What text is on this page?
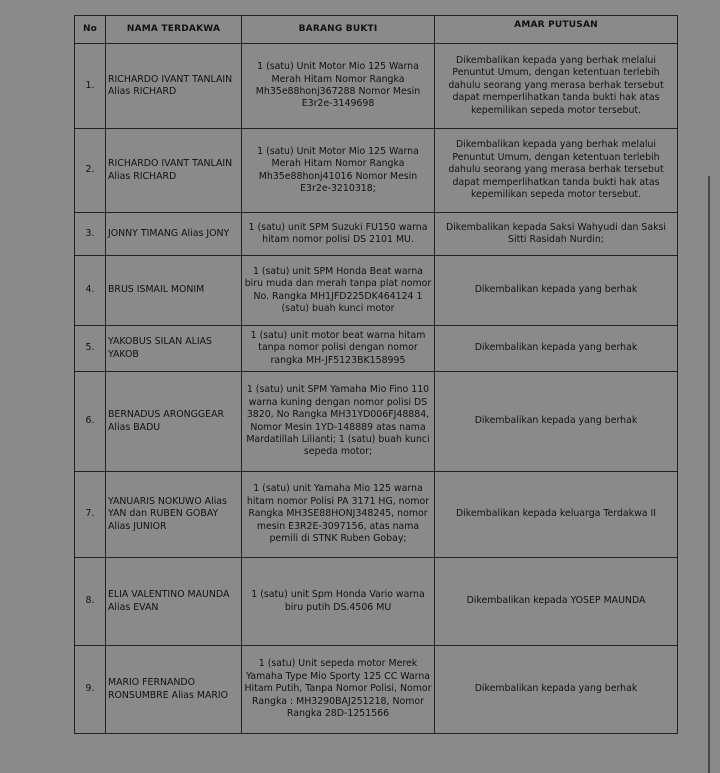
No	NAMA TERDAKWA	BARANG BUKTI	AMAR PUTUSAN
1.	RICHARDO IVANT TANLAIN Alias RICHARD	1 (satu) Unit Motor Mio 125 Warna Merah Hitam Nomor Rangka Mh35e88honj367288 Nomor Mesin E3r2e-3149698	Dikembalikan kepada yang berhak melalui Penuntut Umum, dengan ketentuan terlebih dahulu seorang yang merasa berhak tersebut dapat memperlihatkan tanda bukti hak atas kepemilikan sepeda motor tersebut.
2.	RICHARDO IVANT TANLAIN Alias RICHARD	1 (satu) Unit Motor Mio 125 Warna Merah Hitam Nomor Rangka Mh35e88honj41016 Nomor Mesin E3r2e-3210318;	Dikembalikan kepada yang berhak melalui Penuntut Umum, dengan ketentuan terlebih dahulu seorang yang merasa berhak tersebut dapat memperlihatkan tanda bukti hak atas kepemilikan sepeda motor tersebut.
3.	JONNY TIMANG Alias JONY	1 (satu) unit SPM Suzuki FU150 warna hitam nomor polisi DS 2101 MU.	Dikembalikan kepada Saksi Wahyudi dan Saksi Sitti Rasidah Nurdin;
4.	BRUS ISMAIL MONIM	1 (satu) unit SPM Honda Beat warna biru muda dan merah tanpa plat nomor No. Rangka MH1JFD225DK464124 1 (satu) buah kunci motor	Dikembalikan kepada yang berhak
5.	YAKOBUS SILAN ALIAS YAKOB	1 (satu) unit motor beat warna hitam tanpa nomor polisi dengan nomor rangka MH-JF5123BK158995	Dikembalikan kepada yang berhak
6.	BERNADUS ARONGGEAR Alias BADU	1 (satu) unit SPM Yamaha Mio Fino 110 warna kuning dengan nomor polisi DS 3820, No Rangka MH31YD006FJ48884, Nomor Mesin 1YD-148889 atas nama Mardatillah Lilianti; 1 (satu) buah kunci sepeda motor;	Dikembalikan kepada yang berhak
7.	YANUARIS NOKUWO Alias YAN dan RUBEN GOBAY Alias JUNIOR	1 (satu) unit Yamaha Mio 125 warna hitam nomor Polisi PA 3171 HG, nomor Rangka MH3SE88HONJ348245, nomor mesin E3R2E-3097156, atas nama pemili di STNK Ruben Gobay;	Dikembalikan kepada keluarga Terdakwa II
8.	ELIA VALENTINO MAUNDA Alias EVAN	1 (satu) unit Spm Honda Vario warna biru putih DS.4506 MU	Dikembalikan kepada YOSEP MAUNDA
9.	MARIO FERNANDO RONSUMBRE Alias MARIO	1 (satu) Unit sepeda motor Merek Yamaha Type Mio Sporty 125 CC Warna Hitam Putih, Tanpa Nomor Polisi, Nomor Rangka : MH3290BAJ251218, Nomor Rangka 28D-1251566	Dikembalikan kepada yang berhak
